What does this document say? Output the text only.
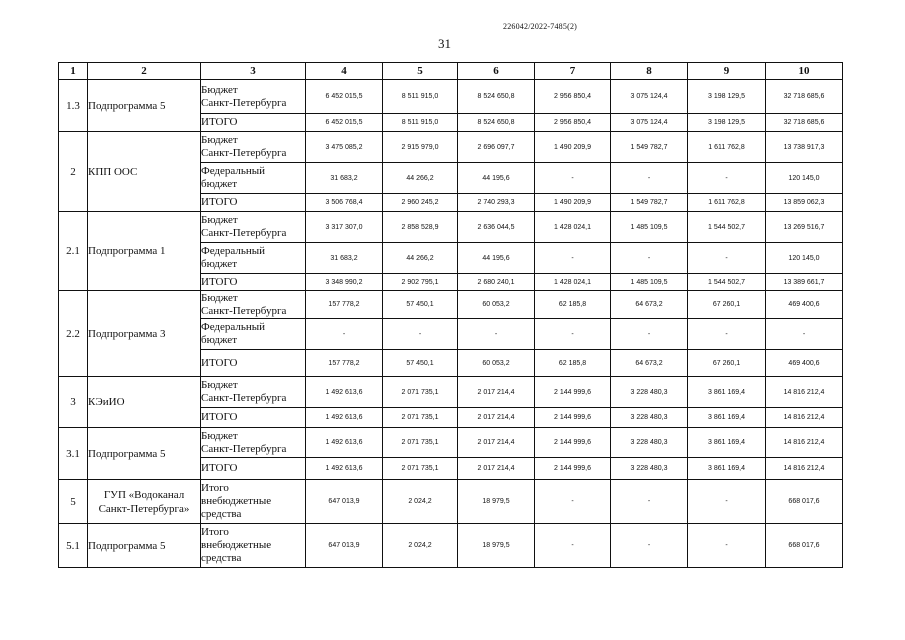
226042/2022-7485(2)
31
1	2	3	4	5	6	7	8	9	10
1.3	Подпрограмма 5	Бюджет
Санкт-Петербурга	6 452 015,5	8 511 915,0	8 524 650,8	2 956 850,4	3 075 124,4	3 198 129,5	32 718 685,6

		ИТОГО	6 452 015,5	8 511 915,0	8 524 650,8	2 956 850,4	3 075 124,4	3 198 129,5	32 718 685,6
2	КПП ООС	Бюджет
Санкт-Петербурга	3 475 085,2	2 915 979,0	2 696 097,7	1 490 209,9	1 549 782,7	1 611 762,8	13 738 917,3

		Федеральный
бюджет	31 683,2	44 266,2	44 195,6	-	-	-	120 145,0

		ИТОГО	3 506 768,4	2 960 245,2	2 740 293,3	1 490 209,9	1 549 782,7	1 611 762,8	13 859 062,3
2.1	Подпрограмма 1	Бюджет
Санкт-Петербурга	3 317 307,0	2 858 528,9	2 636 044,5	1 428 024,1	1 485 109,5	1 544 502,7	13 269 516,7

		Федеральный
бюджет	31 683,2	44 266,2	44 195,6	-	-	-	120 145,0

		ИТОГО	3 348 990,2	2 902 795,1	2 680 240,1	1 428 024,1	1 485 109,5	1 544 502,7	13 389 661,7
2.2	Подпрограмма 3	Бюджет
Санкт-Петербурга	157 778,2	57 450,1	60 053,2	62 185,8	64 673,2	67 260,1	469 400,6

		Федеральный
бюджет	-	-	-	-	-	-	-

		ИТОГО	157 778,2	57 450,1	60 053,2	62 185,8	64 673,2	67 260,1	469 400,6
3	КЭиИО	Бюджет
Санкт-Петербурга	1 492 613,6	2 071 735,1	2 017 214,4	2 144 999,6	3 228 480,3	3 861 169,4	14 816 212,4

		ИТОГО	1 492 613,6	2 071 735,1	2 017 214,4	2 144 999,6	3 228 480,3	3 861 169,4	14 816 212,4
3.1	Подпрограмма 5	Бюджет
Санкт-Петербурга	1 492 613,6	2 071 735,1	2 017 214,4	2 144 999,6	3 228 480,3	3 861 169,4	14 816 212,4

		ИТОГО	1 492 613,6	2 071 735,1	2 017 214,4	2 144 999,6	3 228 480,3	3 861 169,4	14 816 212,4
5	ГУП «Водоканал Санкт-Петербурга»	Итого
внебюджетные
средства	647 013,9	2 024,2	18 979,5	-	-	-	668 017,6
5.1	Подпрограмма 5	Итого
внебюджетные
средства	647 013,9	2 024,2	18 979,5	-	-	-	668 017,6
